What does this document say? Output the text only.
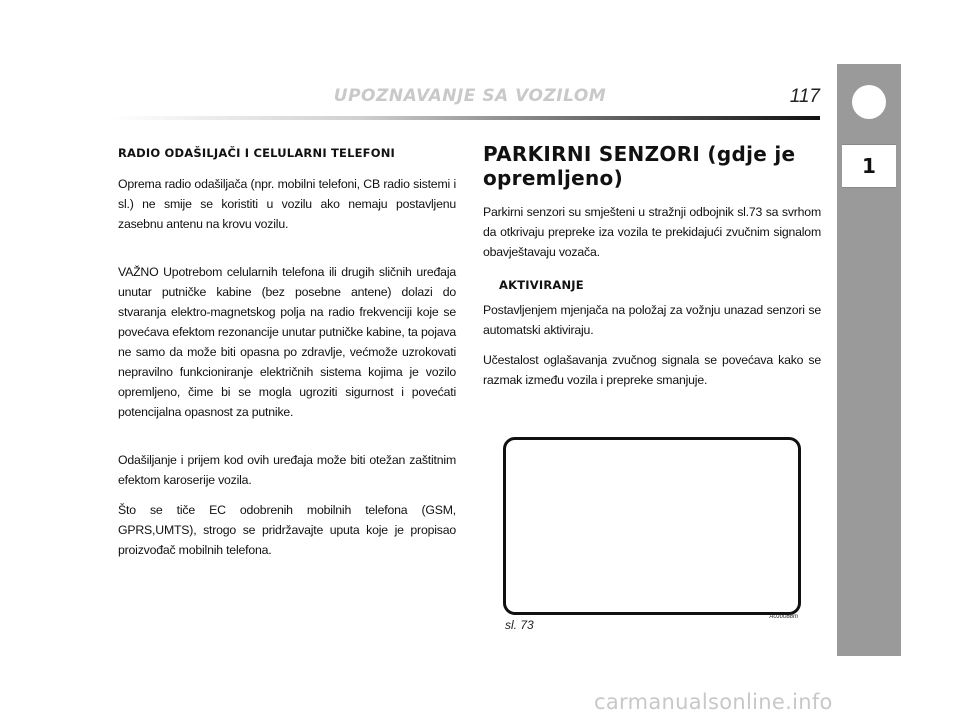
UPOZNAVANJE SA VOZILOM	117
1
RADIO ODAŠILJAČI I CELULARNI TELEFONI

Oprema radio odašiljača (npr. mobilni telefoni, CB radio sistemi i sl.) ne smije se koristiti u vozilu ako nemaju postavljenu zasebnu antenu na krovu vozilu.

VAŽNO Upotrebom celularnih telefona ili drugih sličnih uređaja unutar putničke kabine (bez posebne antene) dolazi do stvaranja elektro-magnetskog polja na radio frekvenciji koje se povećava efektom rezonancije unutar putničke kabine, ta pojava ne samo da može biti opasna po zdravlje, većmože uzrokovati nepravilno funkcioniranje električnih sistema kojima je vozilo opremljeno, čime bi se mogla ugroziti sigurnost i povećati potencijalna opasnost za putnike.

Odašiljanje i prijem kod ovih uređaja može biti otežan zaštitnim efektom karoserije vozila.

Što se tiče EC odobrenih mobilnih telefona (GSM, GPRS,UMTS), strogo se pridržavajte uputa koje je propisao proizvođač mobilnih telefona.

PARKIRNI SENZORI (gdje je opremljeno)

Parkirni senzori su smješteni u stražnji odbojnik sl.73 sa svrhom da otkrivaju prepreke iza vozila te prekidajući zvučnim signalom obavještavaju vozača.

AKTIVIRANJE

Postavljenjem mjenjača na položaj za vožnju unazad senzori se automatski aktiviraju.

Učestalost oglašavanja zvučnog signala se povećava kako se razmak između vozila i prepreke smanjuje.

sl. 73
A0J0088m
carmanualsonline.info
